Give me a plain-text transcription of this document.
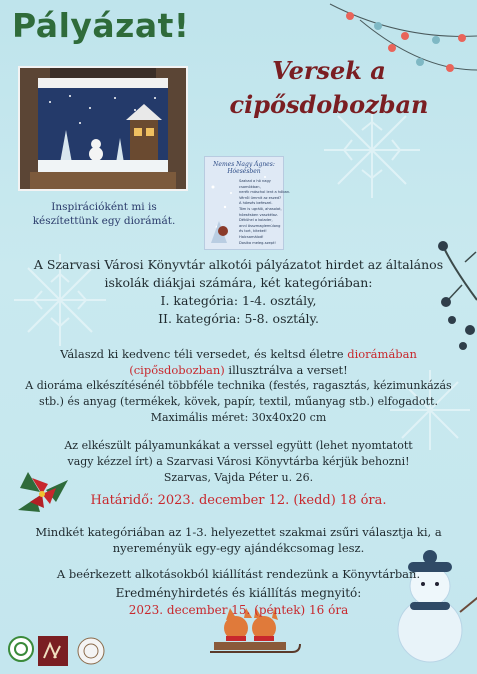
Pályázat!
Versek a
cipősdobozban
Inspirációként mi is
készítettünk egy diorámát.
Nemes Nagy Ágnes:
Hóesésben
Szakad a hó nagy
csomókban,
nerék máschol lent a hóban.
Vérről ümmit az eszed?
A hóesés befeszel.
Tóm is ugráló, ahasolat,
hóesésben vaszkélaz.
Dékühel a kolader,
annl összmaglemúlong
és tort, kiteket!
Halcsamálod!
Dosika meleg-szept!
A Szarvasi Városi Könyvtár alkotói pályázatot hirdet az általános
iskolák diákjai számára, két kategóriában:
I. kategória: 1-4. osztály,
II. kategória: 5-8. osztály.
Válaszd ki kedvenc téli versedet, és keltsd életre diorámában
(cipősdobozban) illusztrálva a verset!
A dioráma elkészítésénél többféle technika (festés, ragasztás, kézimunkázás
stb.) és anyag (termékek, kövek, papír, textil, műanyag stb.) elfogadott.
Maximális méret: 30x40x20 cm
Az elkészült pályamunkákat a verssel együtt (lehet nyomtatott
vagy kézzel írt) a Szarvasi Városi Könyvtárba kérjük behozni!
Szarvas, Vajda Péter u. 26.
Határidő: 2023. december 12. (kedd) 18 óra.
Mindkét kategóriában az 1-3. helyezettet szakmai zsűri választja ki, a
nyereményük egy-egy ajándékcsomag lesz.
A beérkezett alkotásokból kiállítást rendezünk a Könyvtárban.
Eredményhirdetés és kiállítás megnyitó:
2023. december 15. (péntek) 16 óra
